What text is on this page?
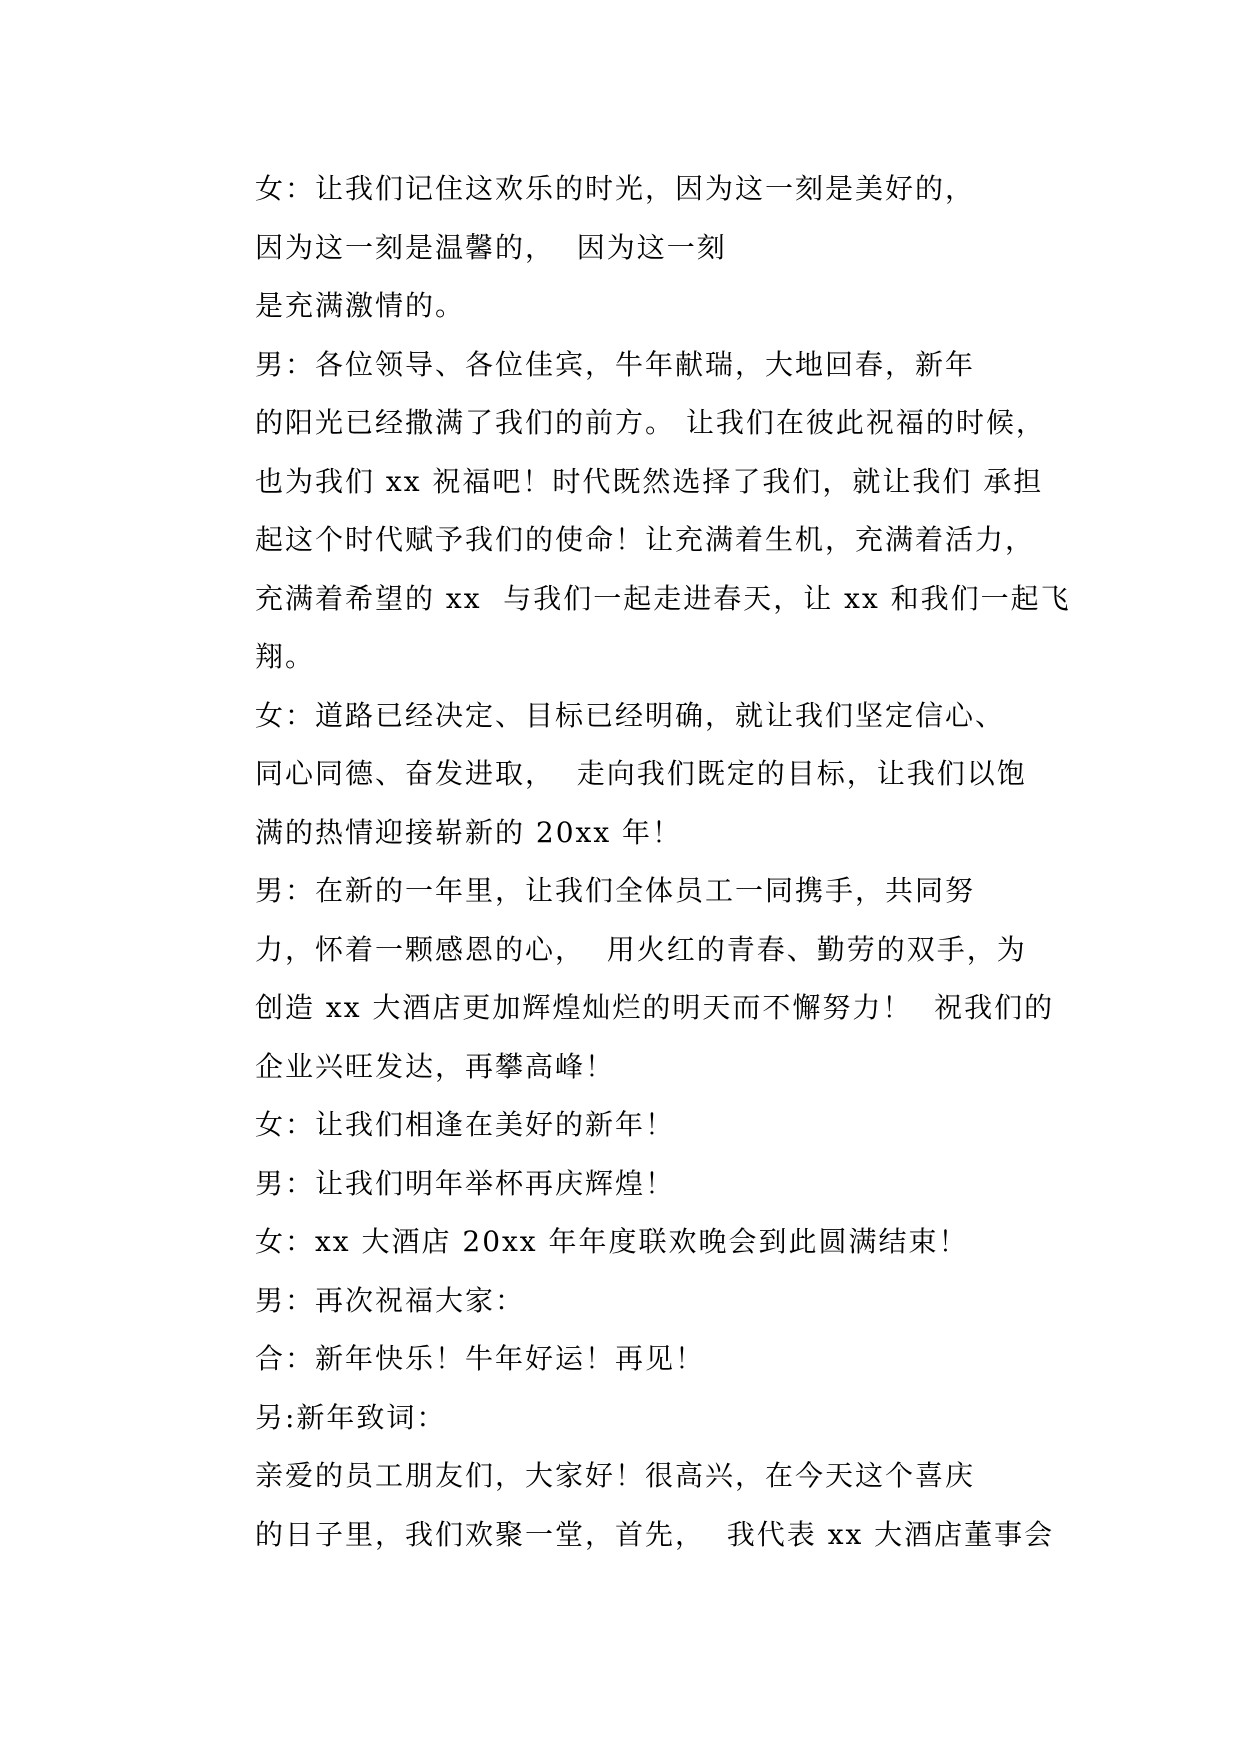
女：让我们记住这欢乐的时光，因为这一刻是美好的，
因为这一刻是温馨的，  因为这一刻

是充满激情的。

男：各位领导、各位佳宾，牛年献瑞，大地回春，新年
的阳光已经撒满了我们的前方。 让我们在彼此祝福的时候，
也为我们 xx 祝福吧！时代既然选择了我们，就让我们 承担
起这个时代赋予我们的使命！让充满着生机，充满着活力，
充满着希望的 xx  与我们一起走进春天，让 xx 和我们一起飞
翔。

女：道路已经决定、目标已经明确，就让我们坚定信心、
同心同德、奋发进取，  走向我们既定的目标，让我们以饱
满的热情迎接崭新的 20xx 年！

男：在新的一年里，让我们全体员工一同携手，共同努
力，怀着一颗感恩的心，  用火红的青春、勤劳的双手，为
创造 xx 大酒店更加辉煌灿烂的明天而不懈努力！  祝我们的
企业兴旺发达，再攀高峰！

女：让我们相逢在美好的新年！

男：让我们明年举杯再庆辉煌！

女：xx 大酒店 20xx 年年度联欢晚会到此圆满结束！

男：再次祝福大家：

合：新年快乐！牛年好运！再见！

另:新年致词：

亲爱的员工朋友们，大家好！很高兴，在今天这个喜庆
的日子里，我们欢聚一堂，首先，  我代表 xx 大酒店董事会
